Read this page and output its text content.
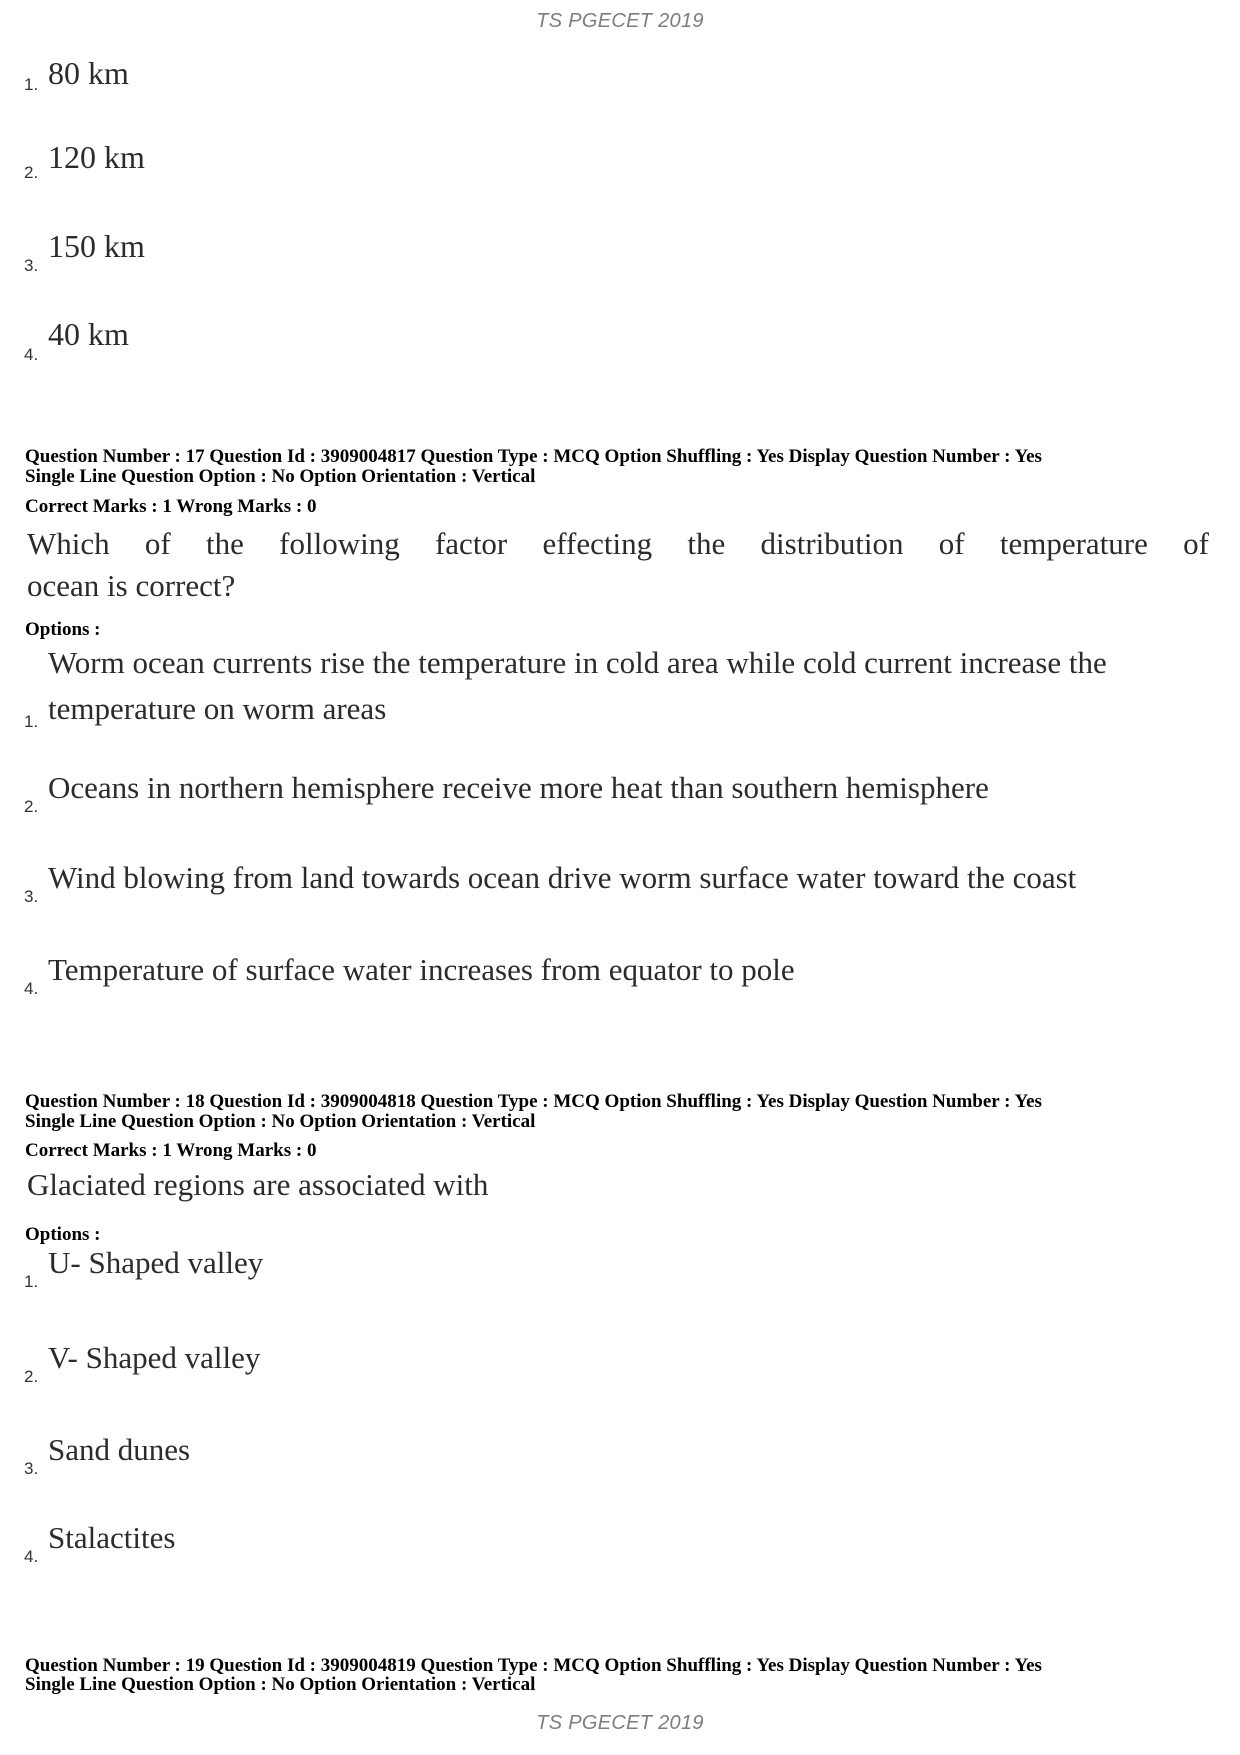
TS PGECET 2019
1. 80 km
2. 120 km
3.
150 km
4.
40 km
Question Number : 17 Question Id : 3909004817 Question Type : MCQ Option Shuffling : Yes Display Question Number : Yes
Single Line Question Option : No Option Orientation : Vertical
Correct Marks : 1 Wrong Marks : 0
Which of the following factor effecting the distribution of temperature of
ocean is correct?
Options :
1.
Worm ocean currents rise the temperature in cold area while cold current increase the temperature on worm areas
2.
Oceans in northern hemisphere receive more heat than southern hemisphere
3.
Wind blowing from land towards ocean drive worm surface water toward the coast
4.
Temperature of surface water increases from equator to pole
Question Number : 18 Question Id : 3909004818 Question Type : MCQ Option Shuffling : Yes Display Question Number : Yes
Single Line Question Option : No Option Orientation : Vertical
Correct Marks : 1 Wrong Marks : 0
Glaciated regions are associated with
Options :
1.
U- Shaped valley
2.
V- Shaped valley
3.
Sand dunes
4.
Stalactites
Question Number : 19 Question Id : 3909004819 Question Type : MCQ Option Shuffling : Yes Display Question Number : Yes
Single Line Question Option : No Option Orientation : Vertical
TS PGECET 2019
